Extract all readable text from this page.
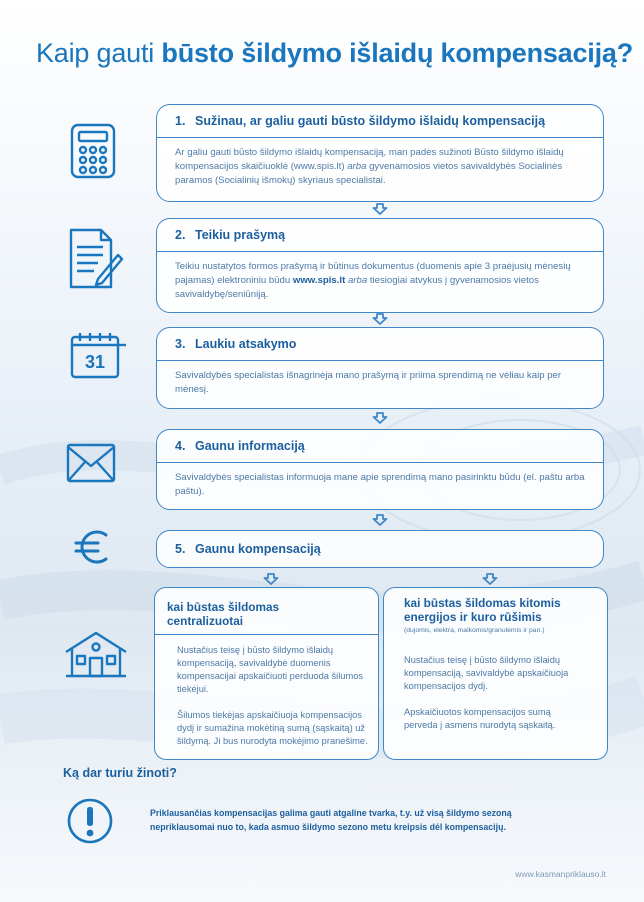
Kaip gauti būsto šildymo išlaidų kompensaciją?
31
1. Sužinau, ar galiu gauti būsto šildymo išlaidų kompensaciją
Ar galiu gauti būsto šildymo išlaidų kompensaciją, man padės sužinoti Būsto šildymo išlaidų kompensacijos skaičiuoklė (www.spis.lt) arba gyvenamosios vietos savivaldybės Socialinės paramos (Socialinių išmokų) skyriaus specialistai.
2. Teikiu prašymą
Teikiu nustatytos formos prašymą ir būtinus dokumentus (duomenis apie 3 praėjusių mėnesių pajamas) elektroniniu būdu www.spis.lt arba tiesiogiai atvykus į gyvenamosios vietos savivaldybę/seniūniją.
3. Laukiu atsakymo
Savivaldybės specialistas išnagrinėja mano prašymą ir priima sprendimą ne vėliau kaip per mėnesį.
4. Gaunu informaciją
Savivaldybės specialistas informuoja mane apie sprendimą mano pasirinktu būdu (el. paštu arba paštu).
5. Gaunu kompensaciją
kai būstas šildomas centralizuotai

Nustačius teisę į būsto šildymo išlaidų kompensaciją, savivaldybė duomenis kompensacijai apskaičiuoti perduoda šilumos tiekėjui.

Šilumos tiekėjas apskaičiuoja kompensacijos dydį ir sumažina mokėtiną sumą (sąskaitą) už šildymą. Ji bus nurodyta mokėjimo pranešime.

kai būstas šildomas kitomis energijos ir kuro rūšimis
(dujomis, elektra, malkomis/granulėmis ir pan.)

Nustačius teisę į būsto šildymo išlaidų kompensaciją, savivaldybė apskaičiuoja kompensacijos dydį.

Apskaičiuotos kompensacijos sumą perveda į asmens nurodytą sąskaitą.

Ką dar turiu žinoti?
Priklausančias kompensacijas galima gauti atgaline tvarka, t.y. už visą šildymo sezoną nepriklausomai nuo to, kada asmuo šildymo sezono metu kreipsis dėl kompensacijų.
www.kasmanpriklauso.lt
